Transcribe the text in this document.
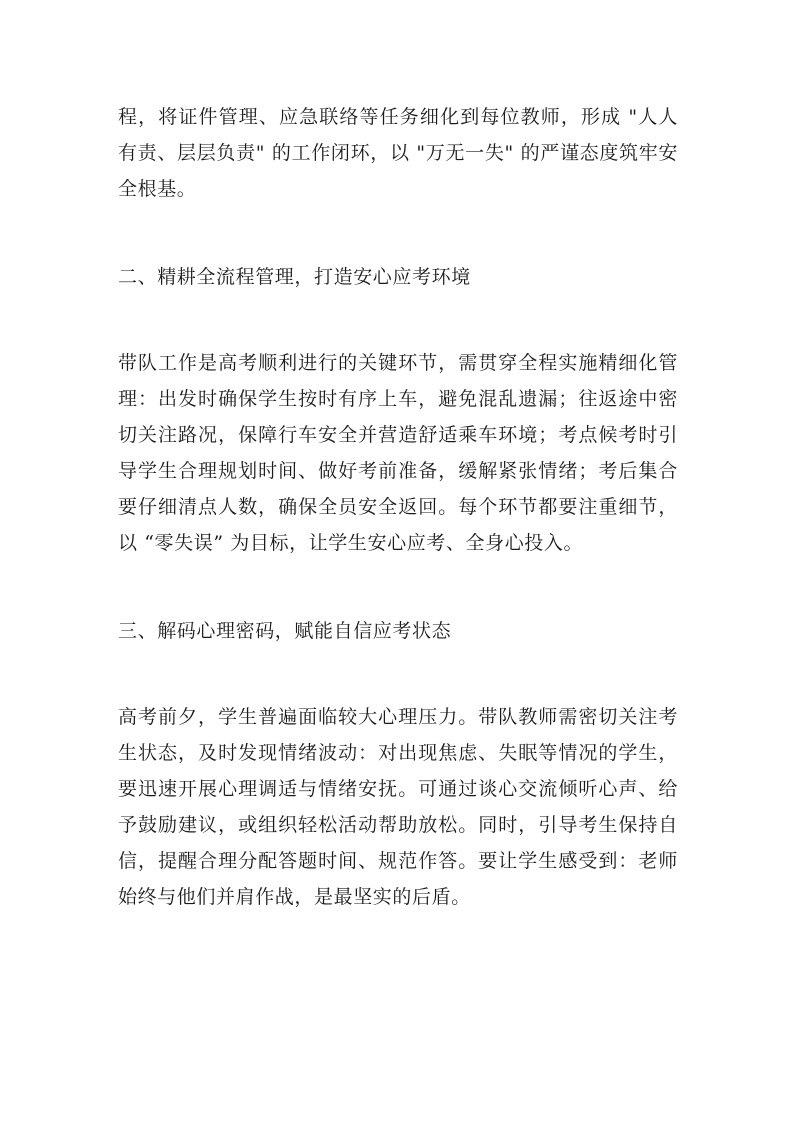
程，将证件管理、应急联络等任务细化到每位教师，形成 "人人有责、层层负责" 的工作闭环，以 "万无一失" 的严谨态度筑牢安全根基。

二、精耕全流程管理，打造安心应考环境

带队工作是高考顺利进行的关键环节，需贯穿全程实施精细化管理：出发时确保学生按时有序上车，避免混乱遗漏；往返途中密切关注路况，保障行车安全并营造舒适乘车环境；考点候考时引导学生合理规划时间、做好考前准备，缓解紧张情绪；考后集合要仔细清点人数，确保全员安全返回。每个环节都要注重细节，以 “零失误” 为目标，让学生安心应考、全身心投入。

三、解码心理密码，赋能自信应考状态

高考前夕，学生普遍面临较大心理压力。带队教师需密切关注考生状态，及时发现情绪波动：对出现焦虑、失眠等情况的学生，要迅速开展心理调适与情绪安抚。可通过谈心交流倾听心声、给予鼓励建议，或组织轻松活动帮助放松。同时，引导考生保持自信，提醒合理分配答题时间、规范作答。要让学生感受到：老师始终与他们并肩作战，是最坚实的后盾。
